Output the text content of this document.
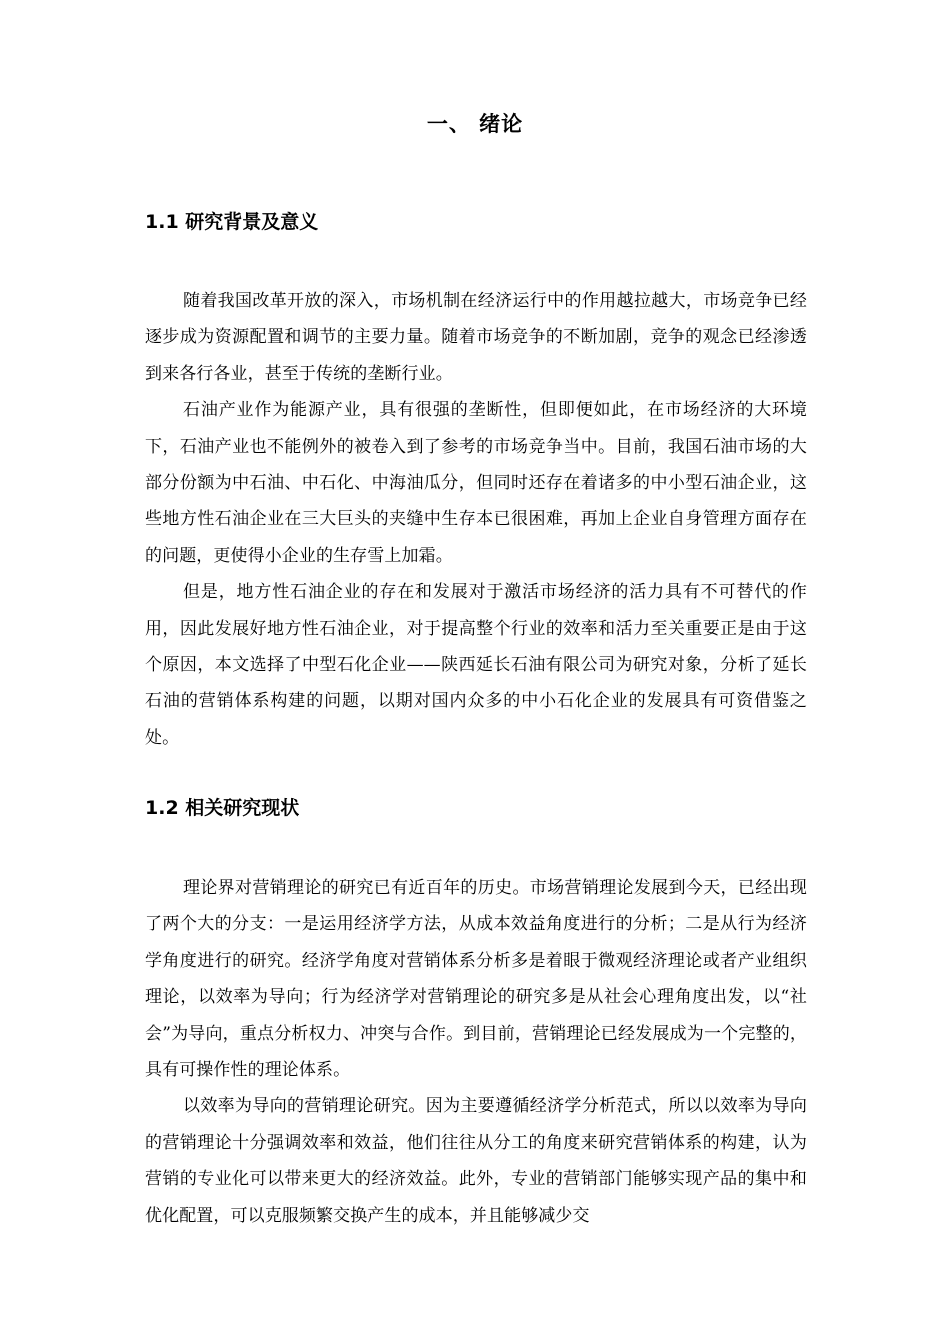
一、 绪论
1.1 研究背景及意义

随着我国改革开放的深入，市场机制在经济运行中的作用越拉越大，市场竞争已经逐步成为资源配置和调节的主要力量。随着市场竞争的不断加剧，竞争的观念已经渗透到来各行各业，甚至于传统的垄断行业。

石油产业作为能源产业，具有很强的垄断性，但即便如此，在市场经济的大环境下，石油产业也不能例外的被卷入到了参考的市场竞争当中。目前，我国石油市场的大部分份额为中石油、中石化、中海油瓜分，但同时还存在着诸多的中小型石油企业，这些地方性石油企业在三大巨头的夹缝中生存本已很困难，再加上企业自身管理方面存在的问题，更使得小企业的生存雪上加霜。

但是，地方性石油企业的存在和发展对于激活市场经济的活力具有不可替代的作用，因此发展好地方性石油企业，对于提高整个行业的效率和活力至关重要正是由于这个原因，本文选择了中型石化企业——陕西延长石油有限公司为研究对象，分析了延长石油的营销体系构建的问题，以期对国内众多的中小石化企业的发展具有可资借鉴之处。

1.2 相关研究现状

理论界对营销理论的研究已有近百年的历史。市场营销理论发展到今天，已经出现了两个大的分支：一是运用经济学方法，从成本效益角度进行的分析；二是从行为经济学角度进行的研究。经济学角度对营销体系分析多是着眼于微观经济理论或者产业组织理论，以效率为导向；行为经济学对营销理论的研究多是从社会心理角度出发，以“社会”为导向，重点分析权力、冲突与合作。到目前，营销理论已经发展成为一个完整的，具有可操作性的理论体系。

以效率为导向的营销理论研究。因为主要遵循经济学分析范式，所以以效率为导向的营销理论十分强调效率和效益，他们往往从分工的角度来研究营销体系的构建，认为营销的专业化可以带来更大的经济效益。此外，专业的营销部门能够实现产品的集中和优化配置，可以克服频繁交换产生的成本，并且能够减少交
